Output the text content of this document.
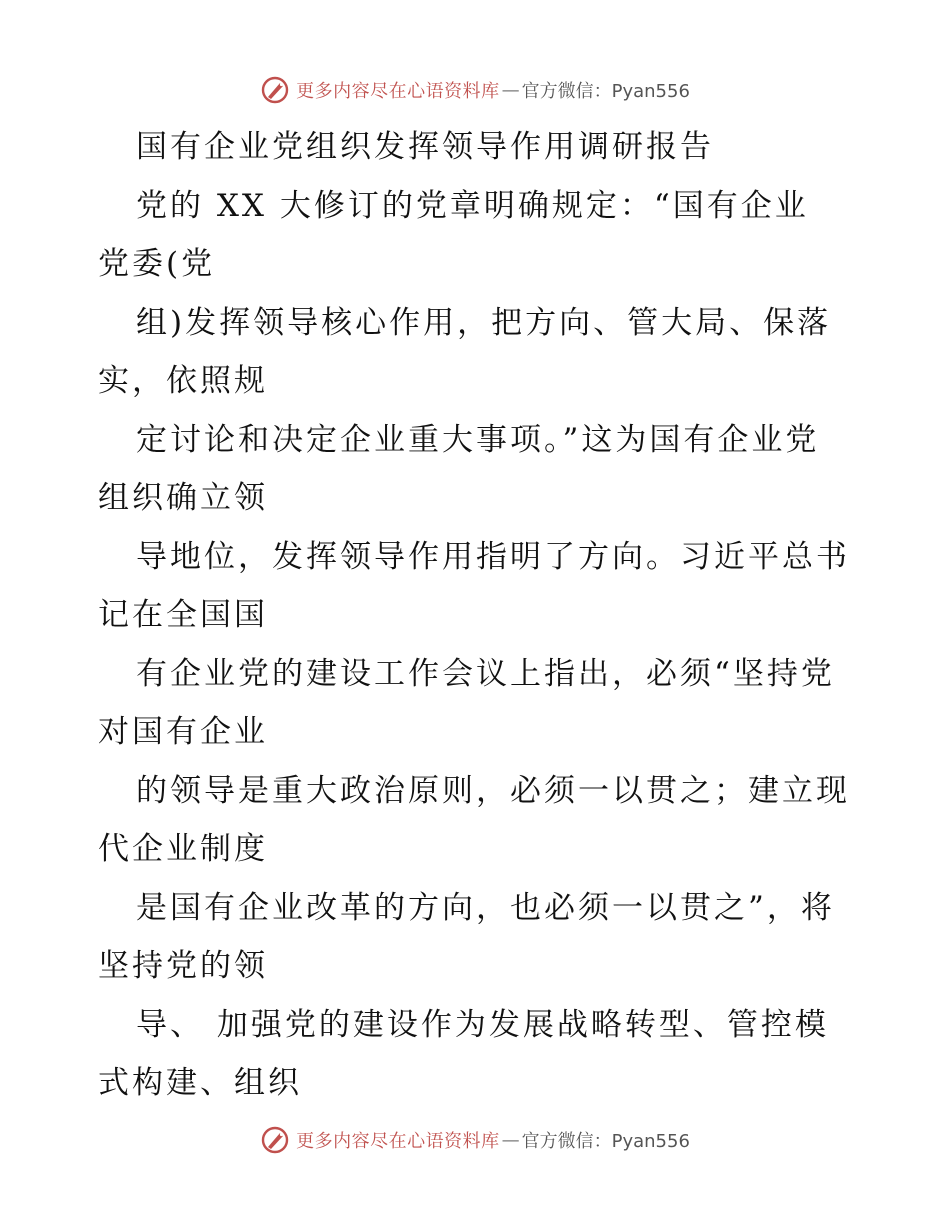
更多内容尽在心语资料库 — 官方微信：Pyan556
国有企业党组织发挥领导作用调研报告
党的 XX 大修订的党章明确规定：“国有企业
党委(党
组)发挥领导核心作用，把方向、管大局、保落
实，依照规
定讨论和决定企业重大事项。”这为国有企业党
组织确立领
导地位，发挥领导作用指明了方向。习近平总书
记在全国国
有企业党的建设工作会议上指出，必须“坚持党
对国有企业
的领导是重大政治原则，必须一以贯之；建立现
代企业制度
是国有企业改革的方向，也必须一以贯之”，将
坚持党的领
导、 加强党的建设作为发展战略转型、管控模
式构建、组织
更多内容尽在心语资料库 — 官方微信：Pyan556
